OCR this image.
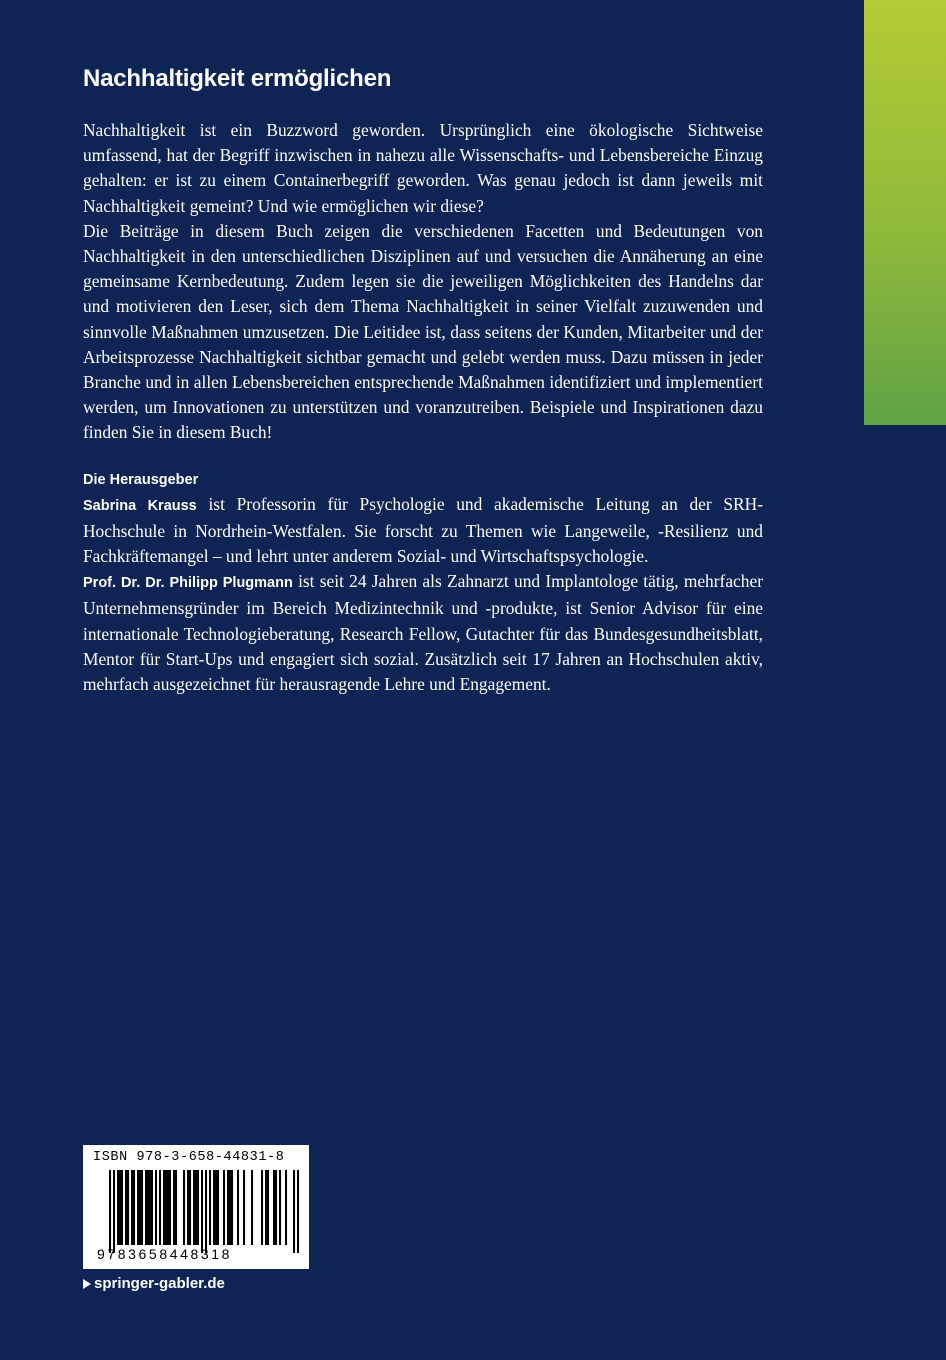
Nachhaltigkeit ermöglichen

Nachhaltigkeit ist ein Buzzword geworden. Ursprünglich eine ökologische Sichtweise umfassend, hat der Begriff inzwischen in nahezu alle Wissenschafts- und Lebensbereiche Einzug gehalten: er ist zu einem Containerbegriff geworden. Was genau jedoch ist dann jeweils mit Nachhaltigkeit gemeint? Und wie ermöglichen wir diese?

Die Beiträge in diesem Buch zeigen die verschiedenen Facetten und Bedeutungen von Nachhaltigkeit in den unterschiedlichen Disziplinen auf und versuchen die Annäherung an eine gemeinsame Kernbedeutung. Zudem legen sie die jeweiligen Möglichkeiten des Handelns dar und motivieren den Leser, sich dem Thema Nachhaltigkeit in seiner Vielfalt zuzuwenden und sinnvolle Maßnahmen umzusetzen. Die Leitidee ist, dass seitens der Kunden, Mitarbeiter und der Arbeitsprozesse Nachhaltigkeit sichtbar gemacht und gelebt werden muss. Dazu müssen in jeder Branche und in allen Lebensbereichen entsprechende Maßnahmen identifiziert und implementiert werden, um Innovationen zu unterstützen und voranzutreiben. Beispiele und Inspirationen dazu finden Sie in diesem Buch!

Die Herausgeber

Sabrina Krauss ist Professorin für Psychologie und akademische Leitung an der SRH-Hochschule in Nordrhein-Westfalen. Sie forscht zu Themen wie Langeweile, -Resilienz und Fachkräftemangel – und lehrt unter anderem Sozial- und Wirtschaftspsychologie.

Prof. Dr. Dr. Philipp Plugmann ist seit 24 Jahren als Zahnarzt und Implantologe tätig, mehrfacher Unternehmensgründer im Bereich Medizintechnik und -produkte, ist Senior Advisor für eine internationale Technologieberatung, Research Fellow, Gutachter für das Bundesgesundheitsblatt, Mentor für Start-Ups und engagiert sich sozial. Zusätzlich seit 17 Jahren an Hochschulen aktiv, mehrfach ausgezeichnet für herausragende Lehre und Engagement.

ISBN 978-3-658-44831-8
9783658448318
springer-gabler.de
